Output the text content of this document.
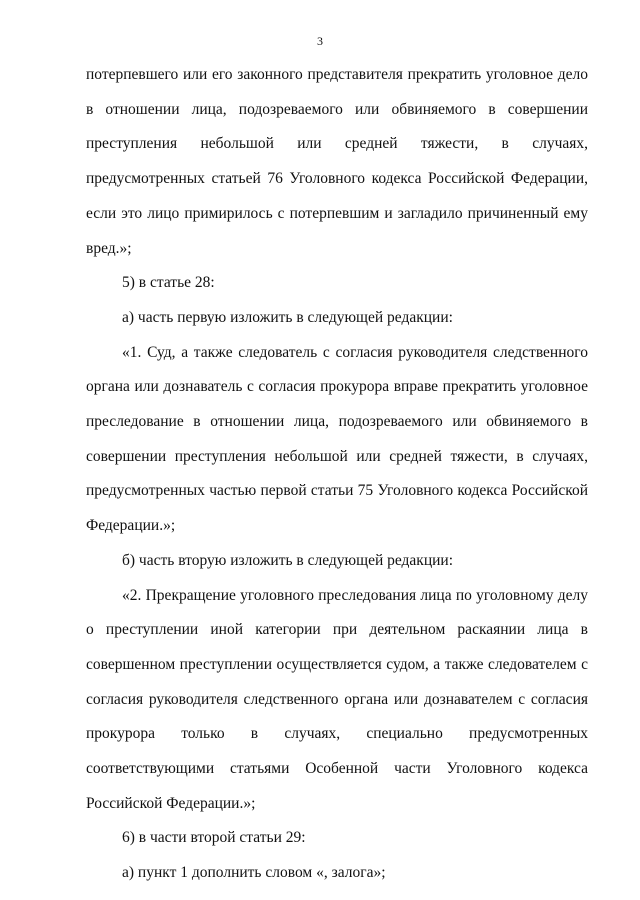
3

потерпевшего или его законного представителя прекратить уголовное дело в отношении лица, подозреваемого или обвиняемого в совершении преступления небольшой или средней тяжести, в случаях, предусмотренных статьей 76 Уголовного кодекса Российской Федерации, если это лицо примирилось с потерпевшим и загладило причиненный ему вред.»;

5) в статье 28:

а) часть первую изложить в следующей редакции:

«1. Суд, а также следователь с согласия руководителя следственного органа или дознаватель с согласия прокурора вправе прекратить уголовное преследование в отношении лица, подозреваемого или обвиняемого в совершении преступления небольшой или средней тяжести, в случаях, предусмотренных частью первой статьи 75 Уголовного кодекса Российской Федерации.»;

б) часть вторую изложить в следующей редакции:

«2. Прекращение уголовного преследования лица по уголовному делу о преступлении иной категории при деятельном раскаянии лица в совершенном преступлении осуществляется судом, а также следователем с согласия руководителя следственного органа или дознавателем с согласия прокурора только в случаях, специально предусмотренных соответствующими статьями Особенной части Уголовного кодекса Российской Федерации.»;

6) в части второй статьи 29:

а) пункт 1 дополнить словом «, залога»;
